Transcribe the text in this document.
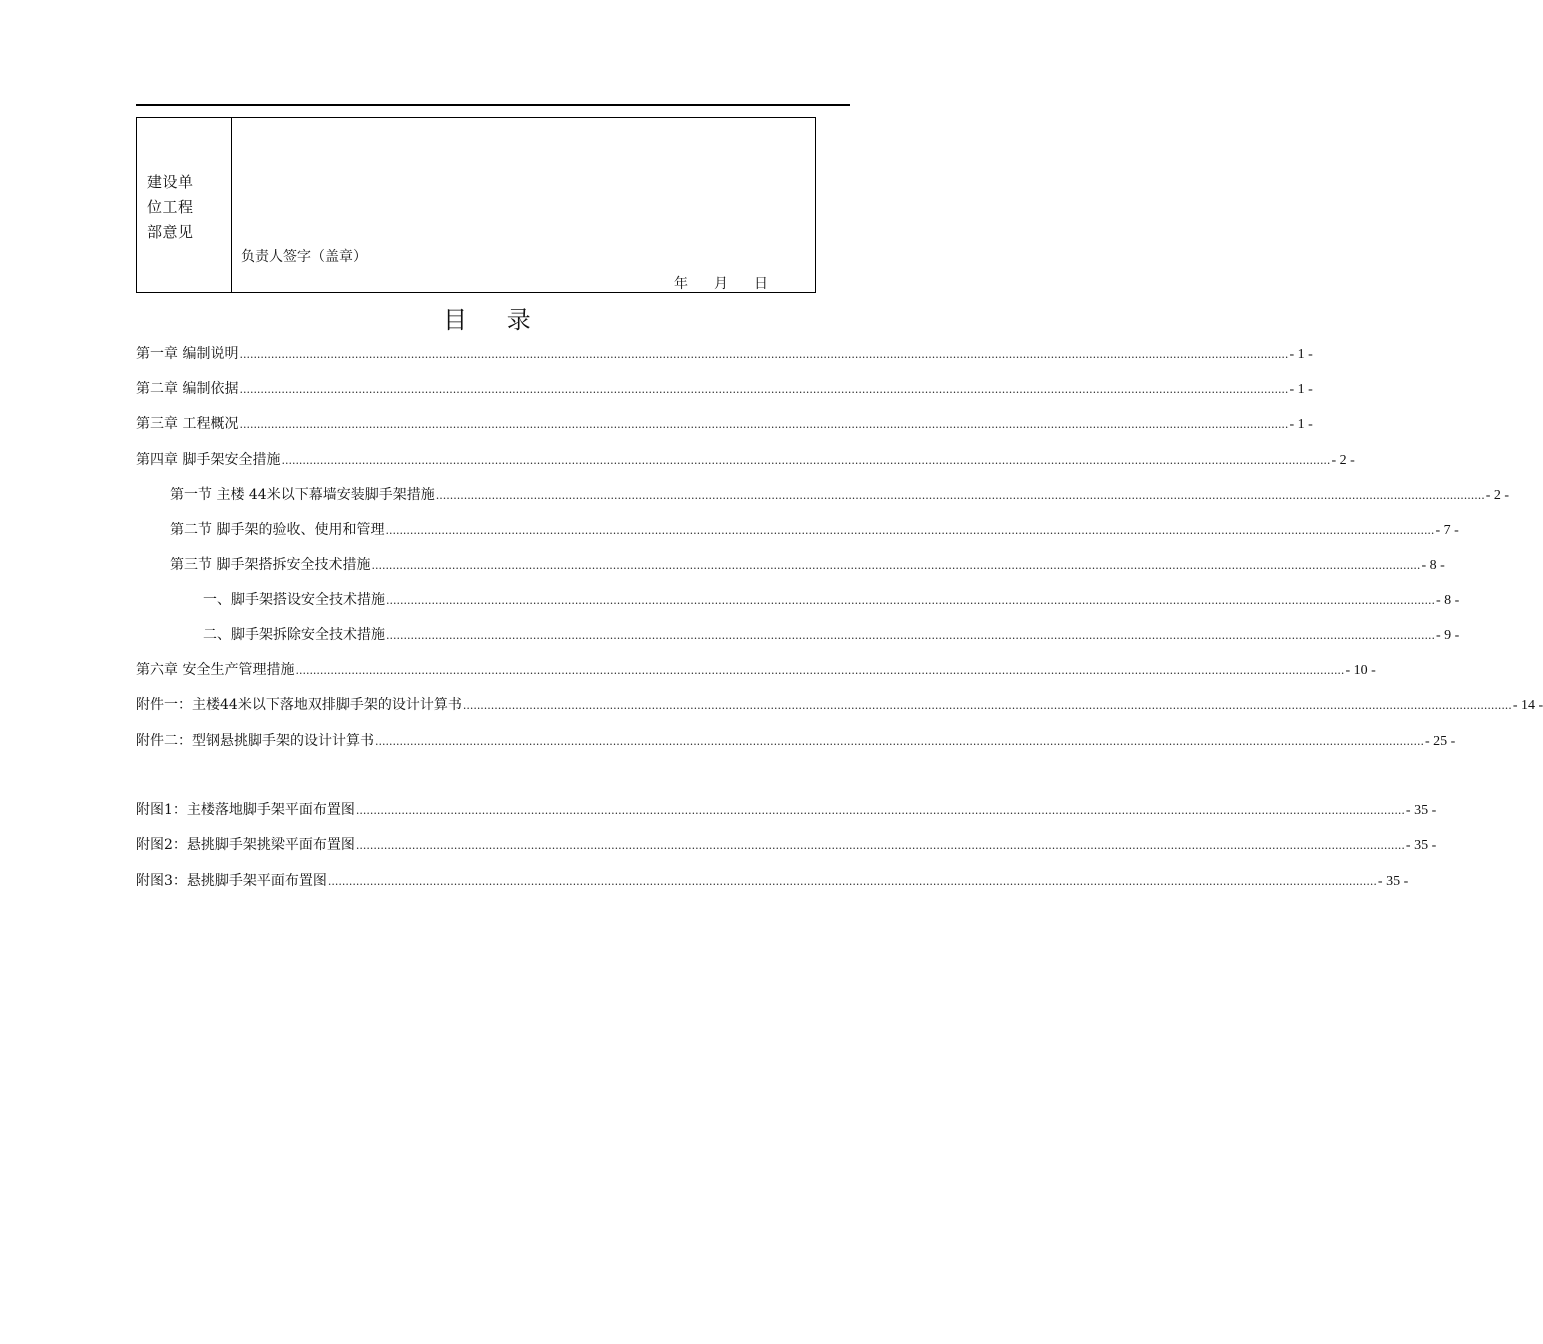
建设单
位工程
部意见
负责人签字（盖章）
年 月 日
目 录
第一章 编制说明 ............................................................................................................................................................................................................................................................................................................ - 1 -
第二章 编制依据 ............................................................................................................................................................................................................................................................................................................ - 1 -
第三章 工程概况 ............................................................................................................................................................................................................................................................................................................ - 1 -
第四章 脚手架安全措施 ............................................................................................................................................................................................................................................................................................................ - 2 -
第一节 主楼 44米以下幕墙安装脚手架措施 ............................................................................................................................................................................................................................................................................................................ - 2 -
第二节 脚手架的验收、使用和管理 ............................................................................................................................................................................................................................................................................................................ - 7 -
第三节 脚手架搭拆安全技术措施 ............................................................................................................................................................................................................................................................................................................ - 8 -
一、脚手架搭设安全技术措施 ............................................................................................................................................................................................................................................................................................................ - 8 -
二、脚手架拆除安全技术措施 ............................................................................................................................................................................................................................................................................................................ - 9 -
第六章 安全生产管理措施 ............................................................................................................................................................................................................................................................................................................ - 10 -
附件一：主楼44米以下落地双排脚手架的设计计算书 ............................................................................................................................................................................................................................................................................................................ - 14 -
附件二：型钢悬挑脚手架的设计计算书 ............................................................................................................................................................................................................................................................................................................ - 25 -
附图1：主楼落地脚手架平面布置图 ............................................................................................................................................................................................................................................................................................................ - 35 -
附图2：悬挑脚手架挑梁平面布置图 ............................................................................................................................................................................................................................................................................................................ - 35 -
附图3：悬挑脚手架平面布置图 ............................................................................................................................................................................................................................................................................................................ - 35 -
